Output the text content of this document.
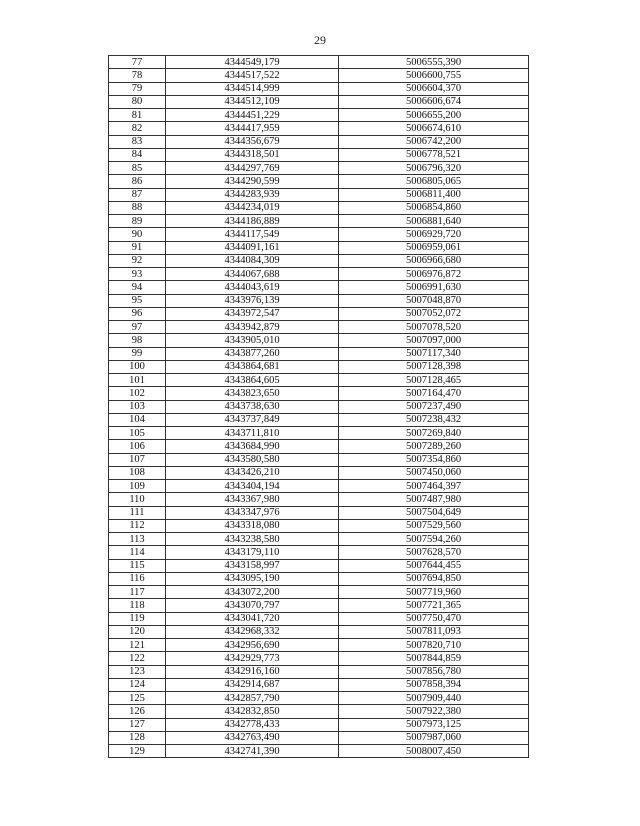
29
77	4344549,179	5006555,390
78	4344517,522	5006600,755
79	4344514,999	5006604,370
80	4344512,109	5006606,674
81	4344451,229	5006655,200
82	4344417,959	5006674,610
83	4344356,679	5006742,200
84	4344318,501	5006778,521
85	4344297,769	5006796,320
86	4344290,599	5006805,065
87	4344283,939	5006811,400
88	4344234,019	5006854,860
89	4344186,889	5006881,640
90	4344117,549	5006929,720
91	4344091,161	5006959,061
92	4344084,309	5006966,680
93	4344067,688	5006976,872
94	4344043,619	5006991,630
95	4343976,139	5007048,870
96	4343972,547	5007052,072
97	4343942,879	5007078,520
98	4343905,010	5007097,000
99	4343877,260	5007117,340
100	4343864,681	5007128,398
101	4343864,605	5007128,465
102	4343823,650	5007164,470
103	4343738,630	5007237,490
104	4343737,849	5007238,432
105	4343711,810	5007269,840
106	4343684,990	5007289,260
107	4343580,580	5007354,860
108	4343426,210	5007450,060
109	4343404,194	5007464,397
110	4343367,980	5007487,980
111	4343347,976	5007504,649
112	4343318,080	5007529,560
113	4343238,580	5007594,260
114	4343179,110	5007628,570
115	4343158,997	5007644,455
116	4343095,190	5007694,850
117	4343072,200	5007719,960
118	4343070,797	5007721,365
119	4343041,720	5007750,470
120	4342968,332	5007811,093
121	4342956,690	5007820,710
122	4342929,773	5007844,859
123	4342916,160	5007856,780
124	4342914,687	5007858,394
125	4342857,790	5007909,440
126	4342832,850	5007922,380
127	4342778,433	5007973,125
128	4342763,490	5007987,060
129	4342741,390	5008007,450
